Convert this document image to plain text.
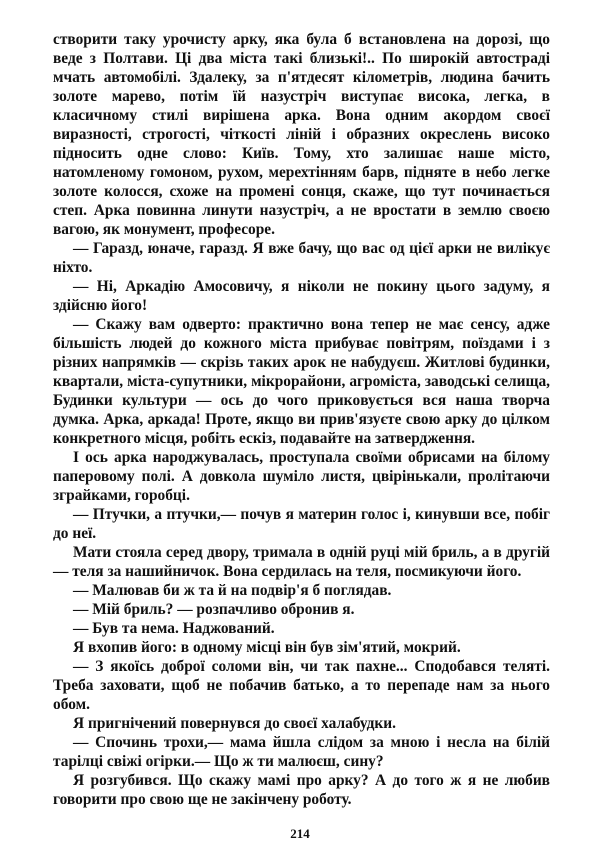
створити таку урочисту арку, яка була б встановлена на дорозі, що веде з Полтави. Ці два міста такі близькі!.. По широкій автостраді мчать автомобілі. Здалеку, за п'ятдесят кілометрів, людина бачить золоте марево, потім їй назустріч виступає висока, легка, в класичному стилі вирішена арка. Вона одним акордом своєї виразності, строгості, чіткості ліній і образних окреслень високо підносить одне слово: Київ. Тому, хто залишає наше місто, натомленому гомоном, рухом, мерехтінням барв, підняте в небо легке золоте колосся, схоже на промені сонця, скаже, що тут починається степ. Арка повинна линути назустріч, а не вростати в землю своєю вагою, як монумент, професоре.

— Гаразд, юначе, гаразд. Я вже бачу, що вас од цієї арки не вилікує ніхто.

— Ні, Аркадію Амосовичу, я ніколи не покину цього задуму, я здійсню його!

— Скажу вам одверто: практично вона тепер не має сенсу, адже більшість людей до кожного міста прибуває повітрям, поїздами і з різних напрямків — скрізь таких арок не набудуєш. Житлові будинки, квартали, міста-супутники, мікрорайони, агроміста, заводські селища, Будинки культури — ось до чого прикoвується вся наша творча думка. Арка, аркада! Проте, якщо ви прив'язуєте свою арку до цілком конкретного місця, робіть ескіз, подавайте на затвердження.

І ось арка народжувалась, проступала своїми обрисами на білому паперовому полі. А довкола шуміло листя, цвірінькали, пролітаючи зграйками, горобці.

— Птучки, а птучки,— почув я материн голос і, кинувши все, побіг до неї.

Мати стояла серед двору, тримала в одній руці мій бриль, а в другій — теля за нашийничок. Вона сердилась на теля, посмикуючи його.

— Малював би ж та й на подвір'я б поглядав.

— Мій бриль? — розпачливо обронив я.

— Був та нема. Наджований.

Я вхопив його: в одному місці він був зім'ятий, мокрий.

— З якоїсь доброї соломи він, чи так пахне... Сподобався телятi. Треба заховати, щоб не побачив батько, а то перепаде нам за нього обом.

Я пригнічений повернувся до своєї халабудки.

— Спочинь трохи,— мама йшла слідом за мною і несла на білій тарілці свіжі огірки.— Що ж ти малюєш, сину?

Я розгубився. Що скажу мамі про арку? А до того ж я не любив говорити про свою ще не закінчену роботу.

214
